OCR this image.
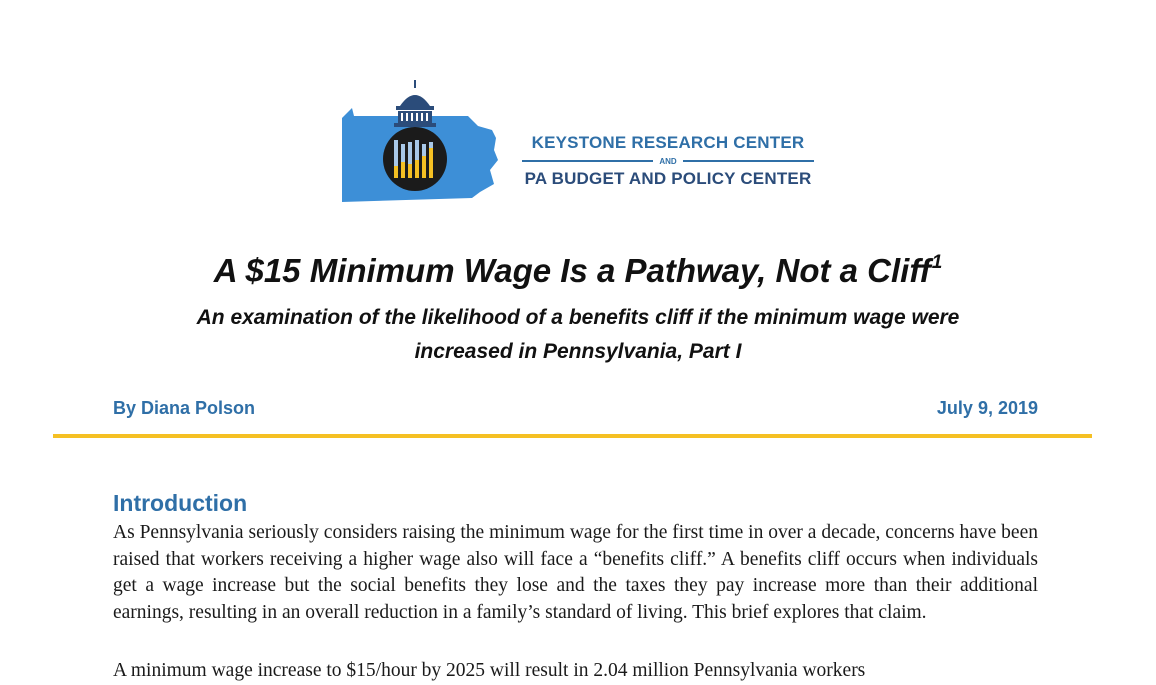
KEYSTONE RESEARCH CENTER
AND
PA BUDGET AND POLICY CENTER
A $15 Minimum Wage Is a Pathway, Not a Cliff$^1$

An examination of the likelihood of a benefits cliff if the minimum wage were increased in Pennsylvania, Part I

By Diana Polson	July 9, 2019
Introduction

As Pennsylvania seriously considers raising the minimum wage for the first time in over a decade, concerns have been raised that workers receiving a higher wage also will face a “benefits cliff.” A benefits cliff occurs when individuals get a wage increase but the social benefits they lose and the taxes they pay increase more than their additional earnings, resulting in an overall reduction in a family’s standard of living. This brief explores that claim.

A minimum wage increase to $15/hour by 2025 will result in 2.04 million Pennsylvania workers
